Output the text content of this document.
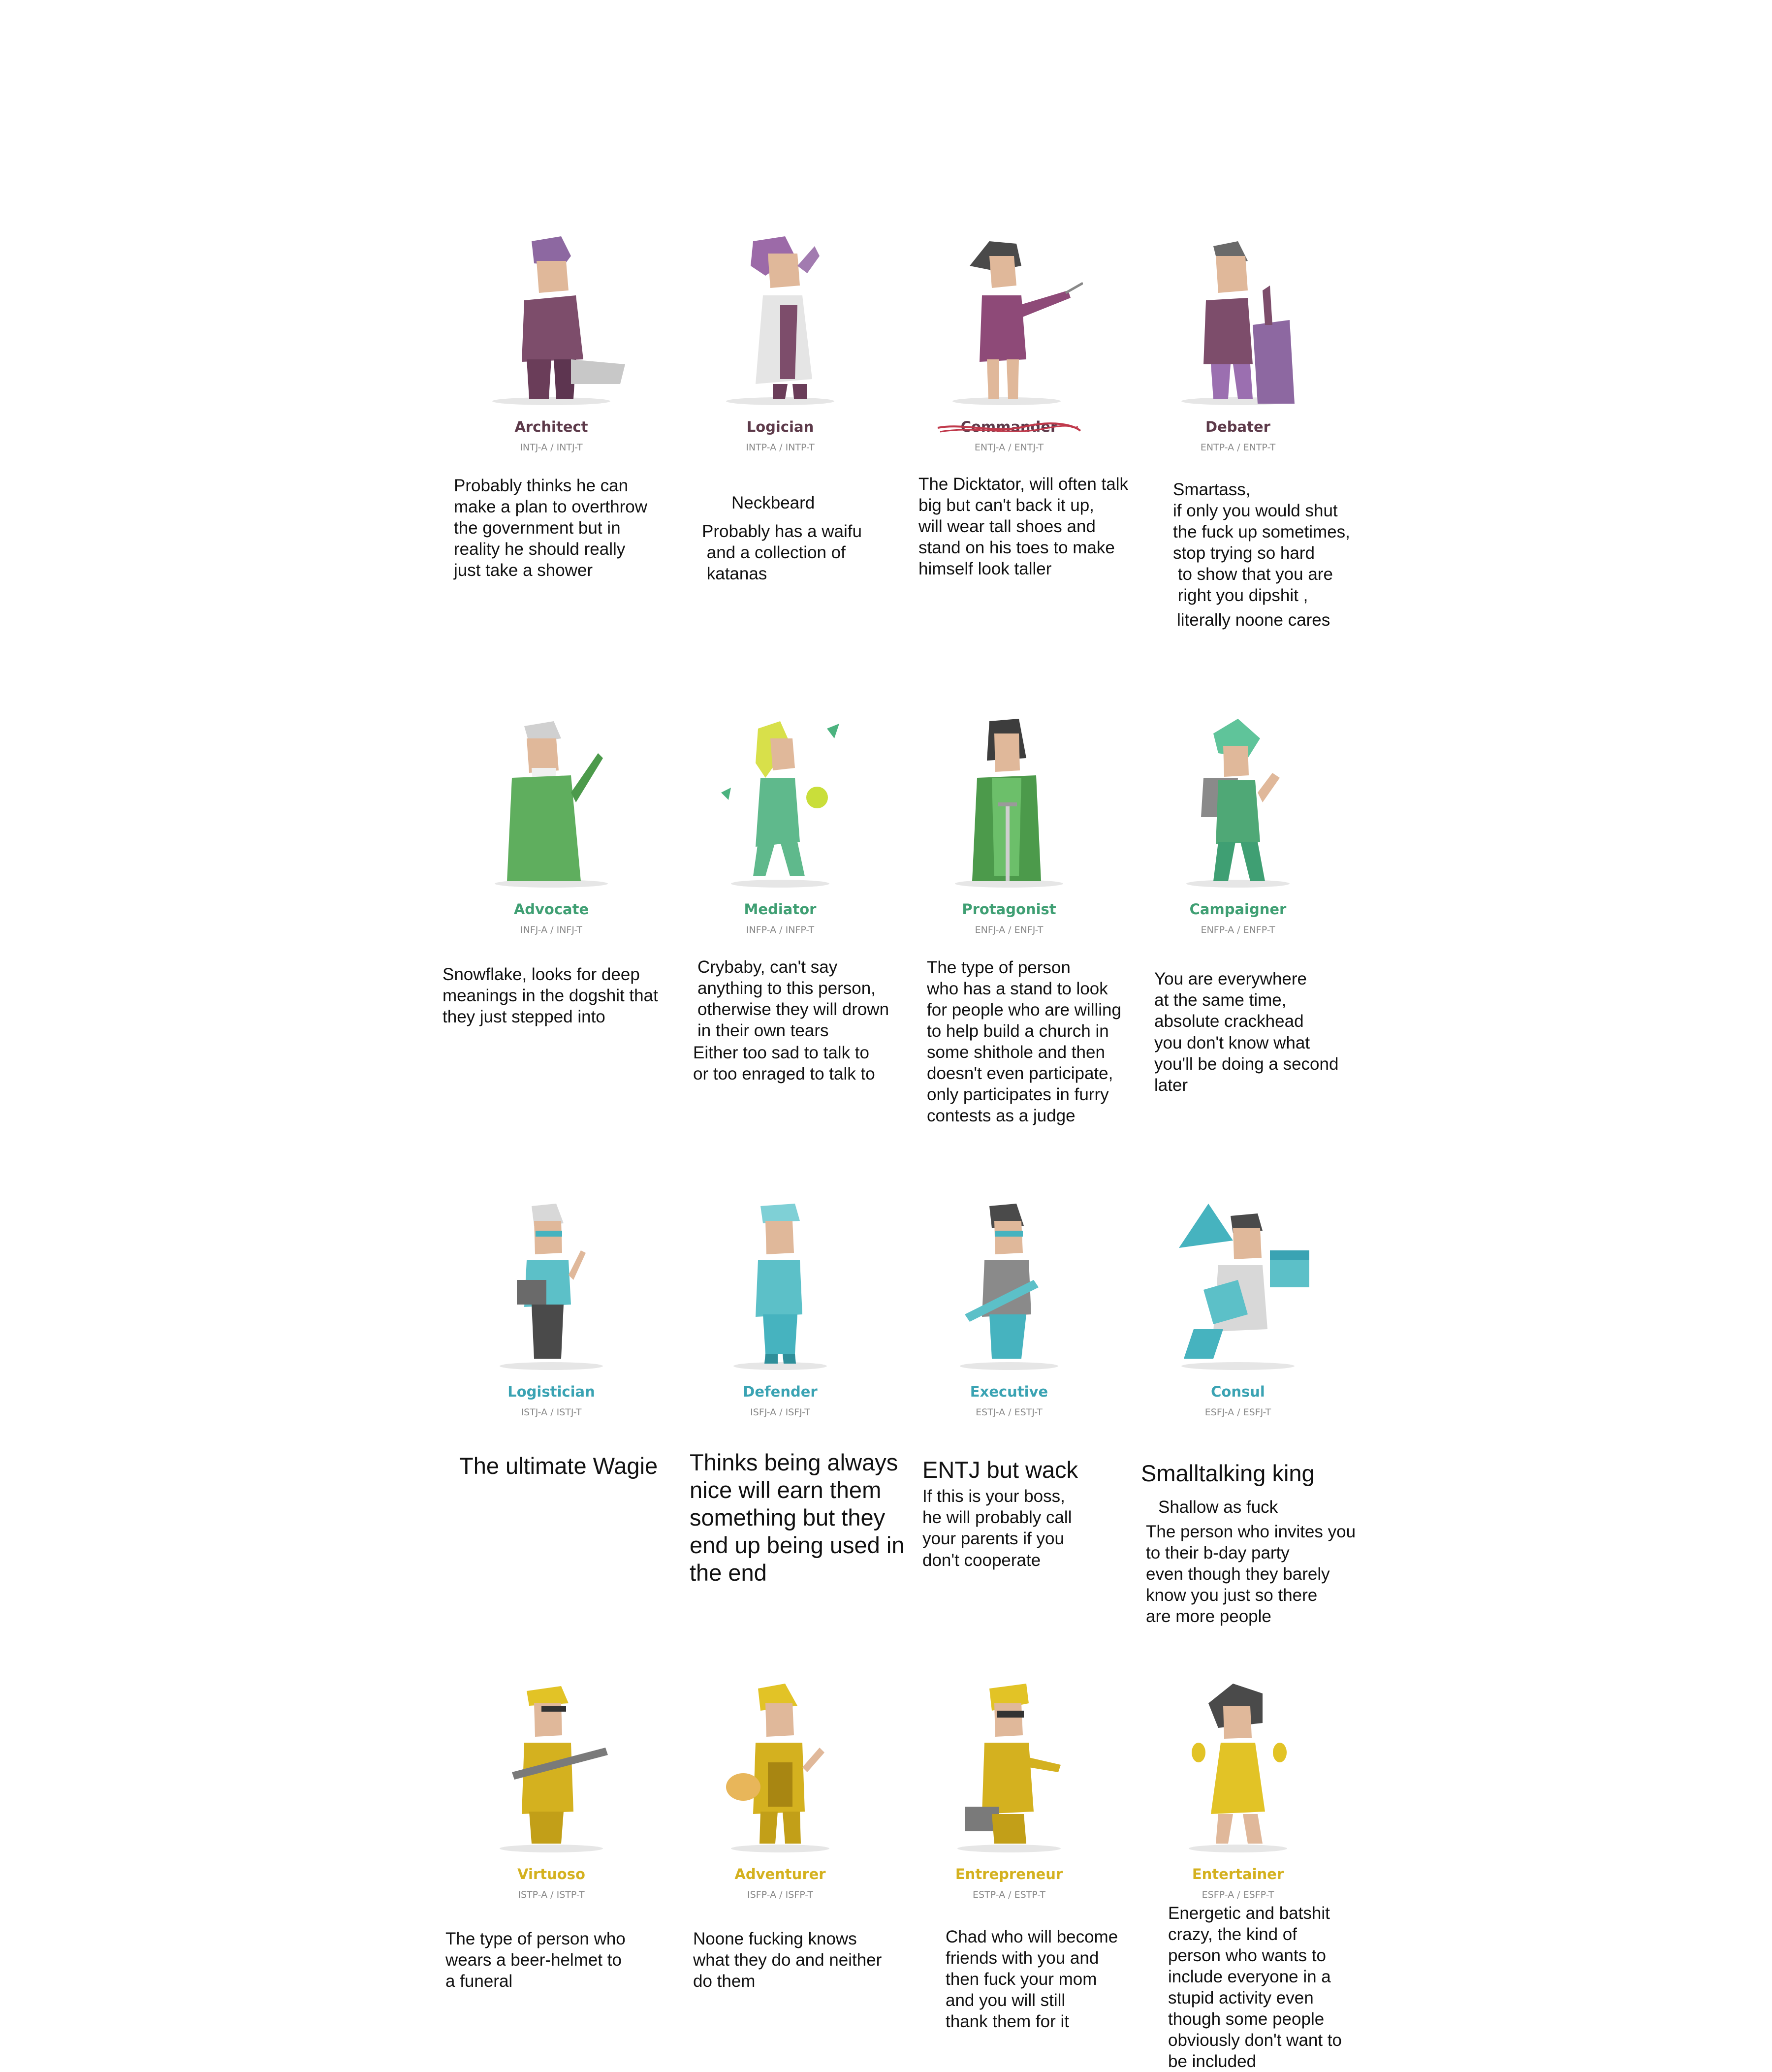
Architect
INTJ-A / INTJ-T
Probably thinks he can
make a plan to overthrow
the government but in
reality he should really
just take a shower
Logician
INTP-A / INTP-T
Neckbeard
Probably has a waifu
and a collection of
katanas
Commander
ENTJ-A / ENTJ-T
The Dicktator, will often talk
big but can't back it up,
will wear tall shoes and
stand on his toes to make
himself look taller
Debater
ENTP-A / ENTP-T
Smartass,
if only you would shut
the fuck up sometimes,
stop trying so hard
to show that you are
right you dipshit ,
literally noone cares
Advocate
INFJ-A / INFJ-T
Snowflake, looks for deep
meanings in the dogshit that
they just stepped into
Mediator
INFP-A / INFP-T
Crybaby, can't say
anything to this person,
otherwise they will drown
in their own tears
Either too sad to talk to
or too enraged to talk to
Protagonist
ENFJ-A / ENFJ-T
The type of person
who has a stand to look
for people who are willing
to help build a church in
some shithole and then
doesn't even participate,
only participates in furry
contests as a judge
Campaigner
ENFP-A / ENFP-T
You are everywhere
at the same time,
absolute crackhead
you don't know what
you'll be doing a second
later
Logistician
ISTJ-A / ISTJ-T
The ultimate Wagie
Defender
ISFJ-A / ISFJ-T
Thinks being always
nice will earn them
something but they
end up being used in
the end
Executive
ESTJ-A / ESTJ-T
ENTJ but wack
If this is your boss,
he will probably call
your parents if you
don't cooperate
Consul
ESFJ-A / ESFJ-T
Smalltalking king
Shallow as fuck
The person who invites you
to their b-day party
even though they barely
know you just so there
are more people
Virtuoso
ISTP-A / ISTP-T
The type of person who
wears a beer-helmet to
a funeral
Adventurer
ISFP-A / ISFP-T
Noone fucking knows
what they do and neither
do them
Entrepreneur
ESTP-A / ESTP-T
Chad who will become
friends with you and
then fuck your mom
and you will still
thank them for it
Entertainer
ESFP-A / ESFP-T
Energetic and batshit
crazy, the kind of
person who wants to
include everyone in a
stupid activity even
though some people
obviously don't want to
be included
